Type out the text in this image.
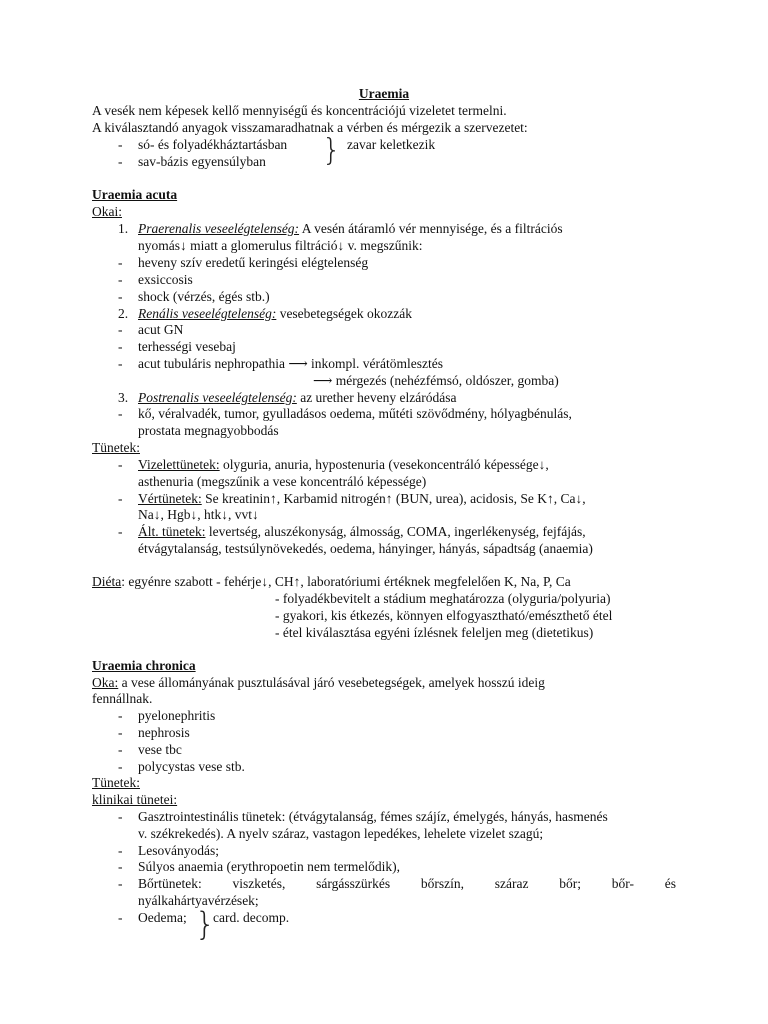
Uraemia
A vesék nem képesek kellő mennyiségű és koncentrációjú vizeletet termelni.
A kiválasztandó anyagok visszamaradhatnak a vérben és mérgezik a szervezetet:
- só- és folyadékháztartásban
- sav-bázis egyensúlyban } zavar keletkezik
Uraemia acuta
Okai:
1. Praerenalis veseelégtelenség: A vesén átáramló vér mennyisége, és a filtrációs
nyomás↓ miatt a glomerulus filtráció↓ v. megszűnik:
- heveny szív eredetű keringési elégtelenség
- exsiccosis
- shock (vérzés, égés stb.)
2. Renális veseelégtelenség: vesebetegségek okozzák
- acut GN
- terhességi vesebaj
- acut tubuláris nephropathia ⟶ inkompl. vérátömlesztés
⟶ mérgezés (nehézfémsó, oldószer, gomba)
3. Postrenalis veseelégtelenség: az urether heveny elzáródása
- kő, véralvadék, tumor, gyulladásos oedema, műtéti szövődmény, hólyagbénulás,
prostata megnagyobbodás
Tünetek:
- Vizelettünetek: olyguria, anuria, hypostenuria (vesekoncentráló képessége↓,
asthenuria (megszűnik a vese koncentráló képessége)
- Vértünetek: Se kreatinin↑, Karbamid nitrogén↑ (BUN, urea), acidosis, Se K↑, Ca↓,
Na↓, Hgb↓, htk↓, vvt↓
- Ált. tünetek: levertség, aluszékonyság, álmosság, COMA, ingerlékenység, fejfájás,
étvágytalanság, testsúlynövekedés, oedema, hányinger, hányás, sápadtság (anaemia)
Diéta: egyénre szabott - fehérje↓, CH↑, laboratóriumi értéknek megfelelően K, Na, P, Ca
- folyadékbevitelt a stádium meghatározza (olyguria/polyuria)
- gyakori, kis étkezés, könnyen elfogyasztható/emészthető étel
- étel kiválasztása egyéni ízlésnek feleljen meg (dietetikus)
Uraemia chronica
Oka: a vese állományának pusztulásával járó vesebetegségek, amelyek hosszú ideig
fennállnak.
- pyelonephritis
- nephrosis
- vese tbc
- polycystas vese stb.
Tünetek:
klinikai tünetei:
- Gasztrointestinális tünetek: (étvágytalanság, fémes szájíz, émelygés, hányás, hasmenés
v. székrekedés). A nyelv száraz, vastagon lepedékes, lehelete vizelet szagú;
- Lesoványodás;
- Súlyos anaemia (erythropoetin nem termelődik),
-	Bőrtünetek: viszketés, sárgásszürkés bőrszín, száraz bőr; bőr- és
nyálkahártyavérzések;
- Oedema; }
card. decomp.
